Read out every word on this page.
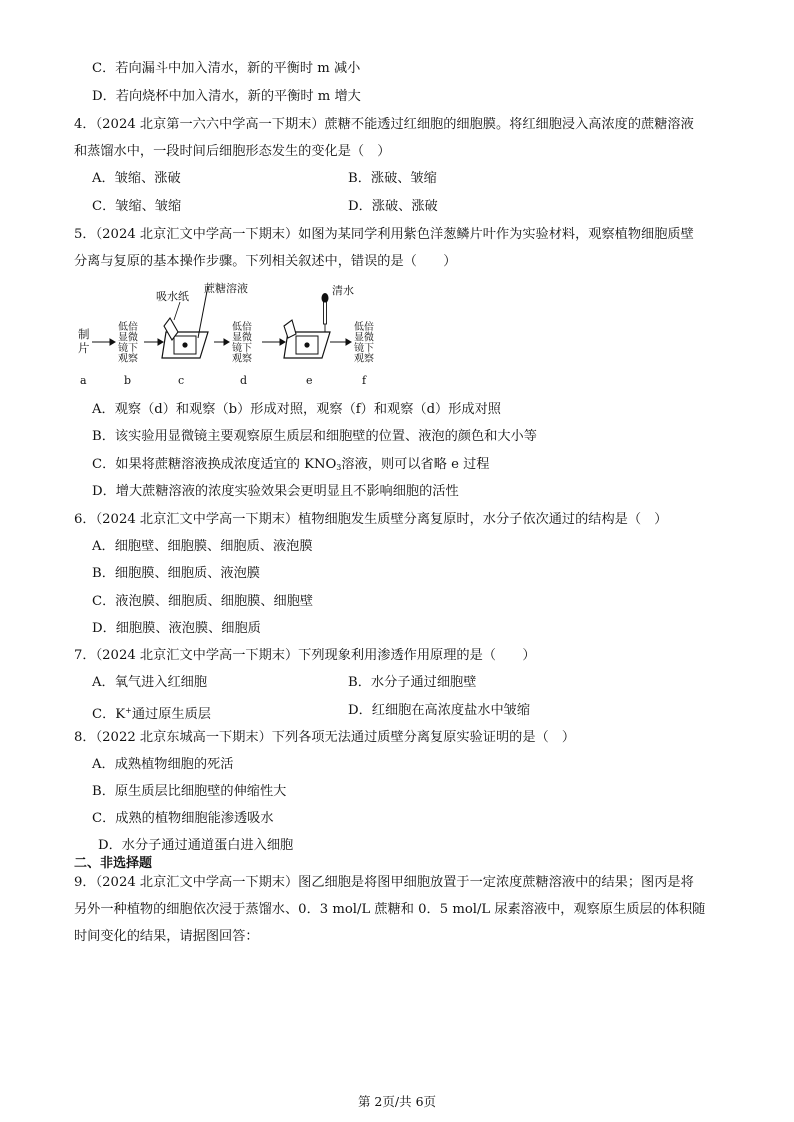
C．若向漏斗中加入清水，新的平衡时 m 减小
D．若向烧杯中加入清水，新的平衡时 m 增大
4．（2024 北京第一六六中学高一下期末）蔗糖不能透过红细胞的细胞膜。将红细胞浸入高浓度的蔗糖溶液
和蒸馏水中，一段时间后细胞形态发生的变化是（　）
A．皱缩、涨破	B．涨破、皱缩
C．皱缩、皱缩	D．涨破、涨破
5．（2024 北京汇文中学高一下期末）如图为某同学利用紫色洋葱鳞片叶作为实验材料，观察植物细胞质壁
分离与复原的基本操作步骤。下列相关叙述中，错误的是（　　）
制
片
低倍
显微
镜下
观察
低倍
显微
镜下
观察
低倍
显微
镜下
观察
吸水纸
蔗糖溶液	清水
a	b	c	d	e	f
A．观察（d）和观察（b）形成对照，观察（f）和观察（d）形成对照
B．该实验用显微镜主要观察原生质层和细胞壁的位置、液泡的颜色和大小等
C．如果将蔗糖溶液换成浓度适宜的 $KNO_3$溶液，则可以省略 e 过程
D．增大蔗糖溶液的浓度实验效果会更明显且不影响细胞的活性
6．（2024 北京汇文中学高一下期末）植物细胞发生质壁分离复原时，水分子依次通过的结构是（　）
A．细胞壁、细胞膜、细胞质、液泡膜
B．细胞膜、细胞质、液泡膜
C．液泡膜、细胞质、细胞膜、细胞壁
D．细胞膜、液泡膜、细胞质
7．（2024 北京汇文中学高一下期末）下列现象利用渗透作用原理的是（　　）
A．氧气进入红细胞	B．水分子通过细胞壁
C．K+通过原生质层	D．红细胞在高浓度盐水中皱缩
8．（2022 北京东城高一下期末）下列各项无法通过质壁分离复原实验证明的是（　）
A．成熟植物细胞的死活
B．原生质层比细胞壁的伸缩性大
C．成熟的植物细胞能渗透吸水
D．水分子通过通道蛋白进入细胞
二、非选择题
9．（2024 北京汇文中学高一下期末）图乙细胞是将图甲细胞放置于一定浓度蔗糖溶液中的结果；图丙是将
另外一种植物的细胞依次浸于蒸馏水、0．3 mol/L 蔗糖和 0．5 mol/L 尿素溶液中，观察原生质层的体积随
时间变化的结果，请据图回答：
第 2页/共 6页
